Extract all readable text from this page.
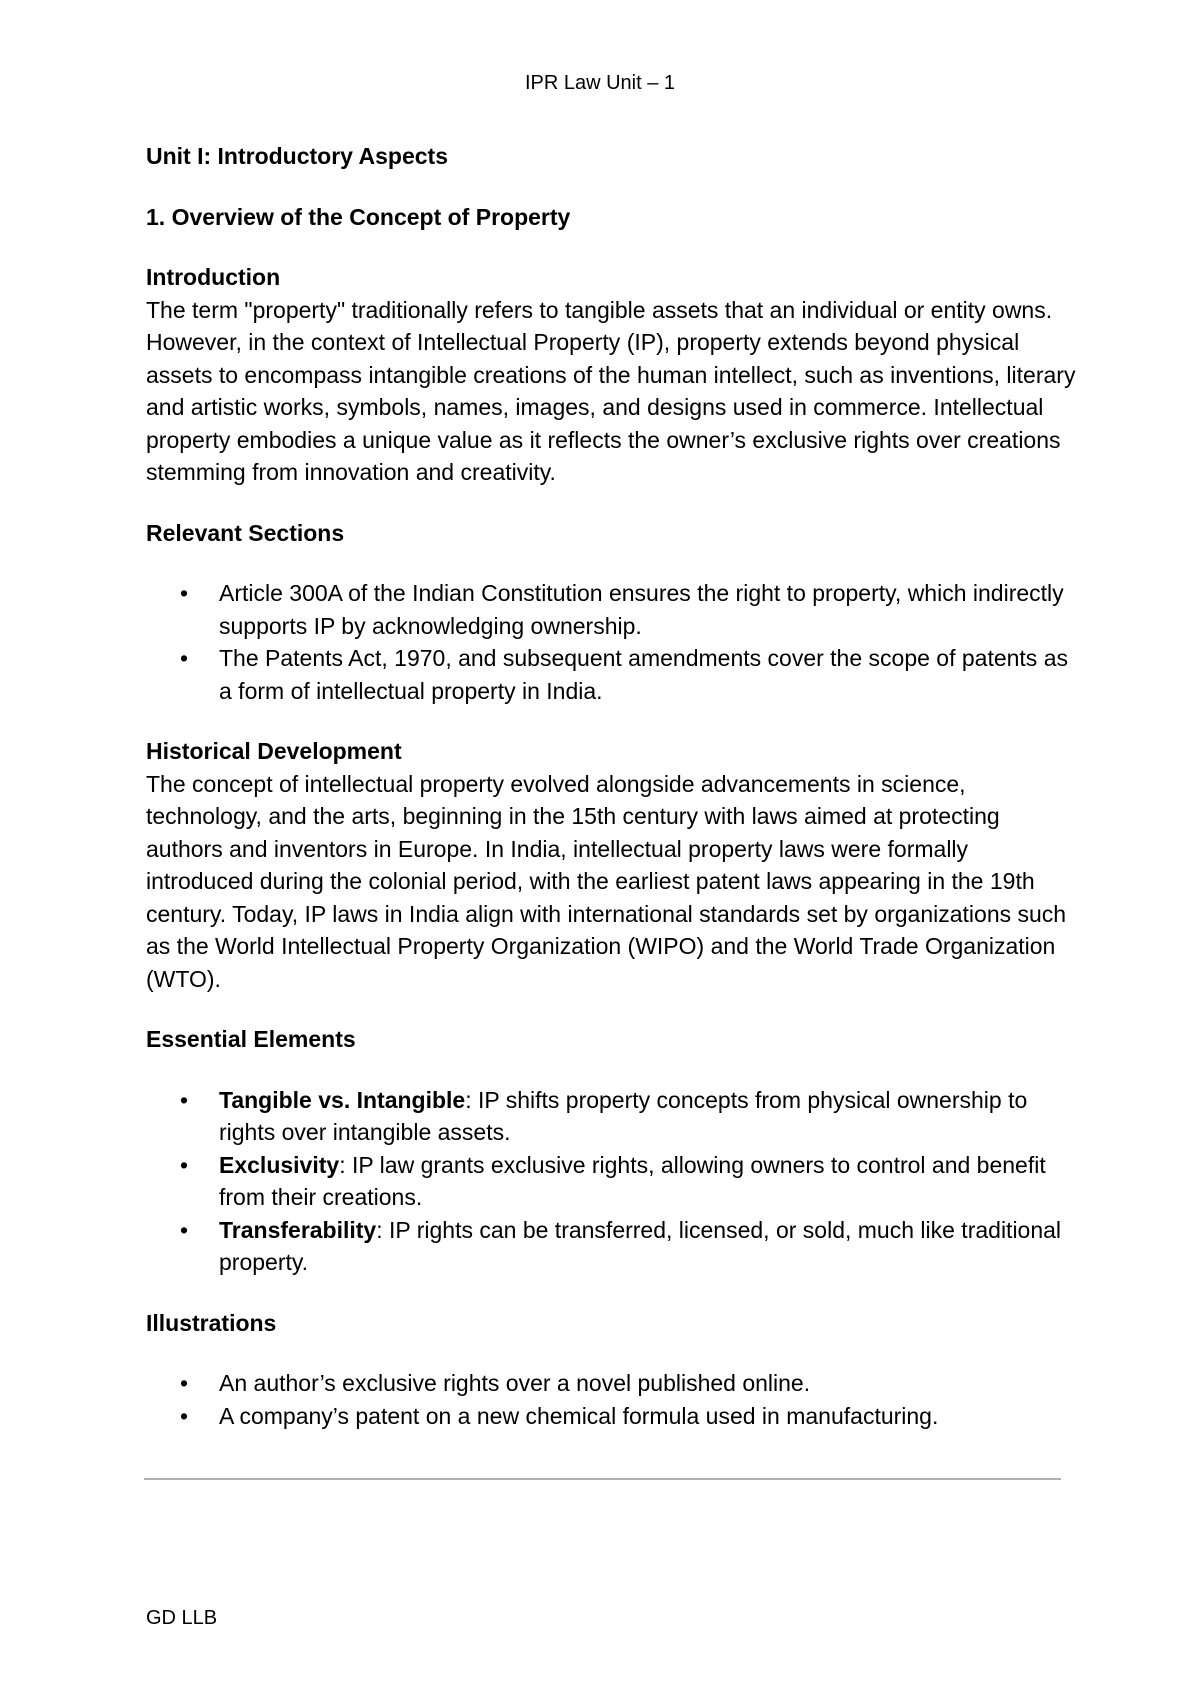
IPR Law Unit – 1

Unit I: Introductory Aspects

1. Overview of the Concept of Property

Introduction

The term "property" traditionally refers to tangible assets that an individual or entity owns. However, in the context of Intellectual Property (IP), property extends beyond physical assets to encompass intangible creations of the human intellect, such as inventions, literary and artistic works, symbols, names, images, and designs used in commerce. Intellectual property embodies a unique value as it reflects the owner’s exclusive rights over creations stemming from innovation and creativity.

Relevant Sections

• Article 300A of the Indian Constitution ensures the right to property, which indirectly supports IP by acknowledging ownership.
• The Patents Act, 1970, and subsequent amendments cover the scope of patents as a form of intellectual property in India.

Historical Development

The concept of intellectual property evolved alongside advancements in science, technology, and the arts, beginning in the 15th century with laws aimed at protecting authors and inventors in Europe. In India, intellectual property laws were formally introduced during the colonial period, with the earliest patent laws appearing in the 19th century. Today, IP laws in India align with international standards set by organizations such as the World Intellectual Property Organization (WIPO) and the World Trade Organization (WTO).

Essential Elements

• Tangible vs. Intangible: IP shifts property concepts from physical ownership to rights over intangible assets.
• Exclusivity: IP law grants exclusive rights, allowing owners to control and benefit from their creations.
• Transferability: IP rights can be transferred, licensed, or sold, much like traditional property.

Illustrations

• An author’s exclusive rights over a novel published online.
• A company’s patent on a new chemical formula used in manufacturing.
GD LLB
